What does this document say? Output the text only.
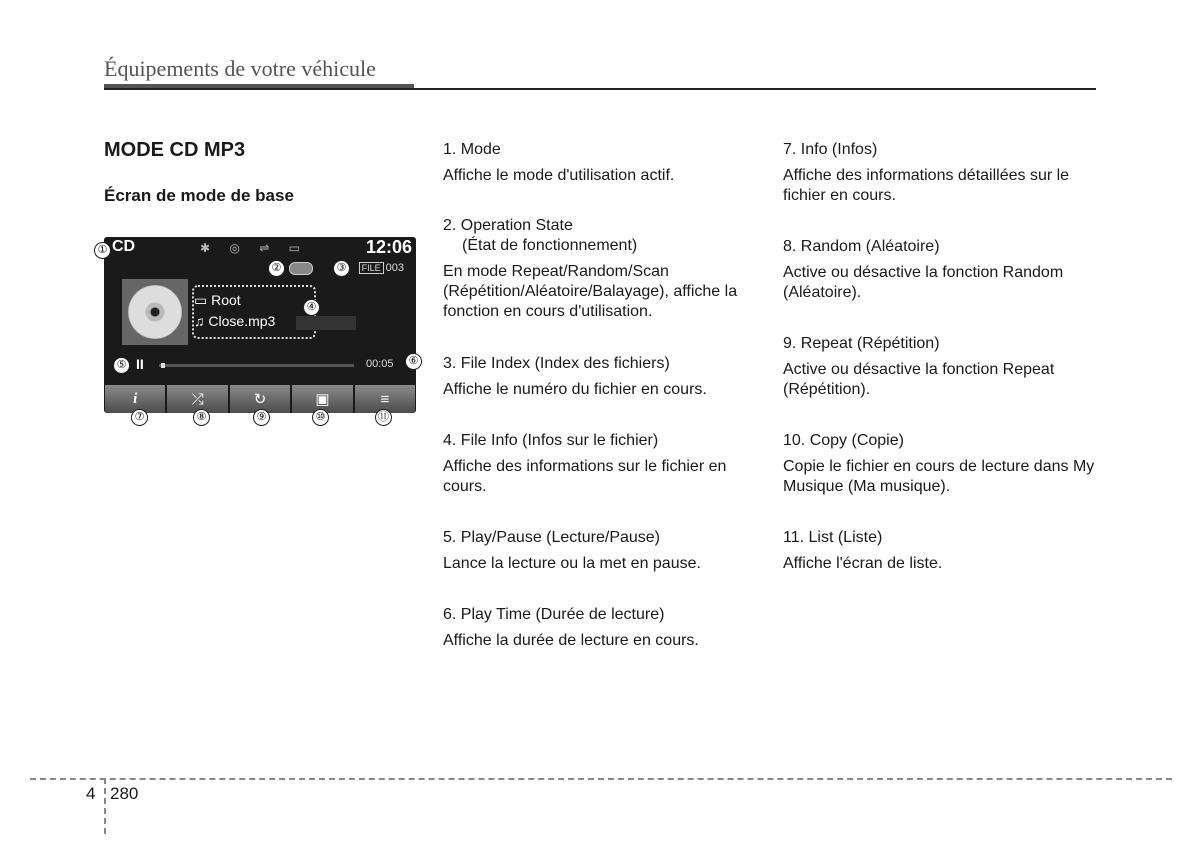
Équipements de votre véhicule
MODE CD MP3
Écran de mode de base
CD	✱ ◎ ⇌ ▭	12:06
FILE 003
▭ Root
♫ Close.mp3
II	00:05
i	⤮	↻	▣	≡
①
②	③
④
⑤	⑥
⑦	⑧	⑨	⑩	⑪
1. Mode
Affiche le mode d'utilisation actif.
2. Operation State
(État de fonctionnement)
En mode Repeat/Random/Scan (Répétition/Aléatoire/Balayage), affiche la fonction en cours d'utilisation.
3. File Index (Index des fichiers)
Affiche le numéro du fichier en cours.
4. File Info (Infos sur le fichier)
Affiche des informations sur le fichier en cours.
5. Play/Pause (Lecture/Pause)
Lance la lecture ou la met en pause.
6. Play Time (Durée de lecture)
Affiche la durée de lecture en cours.
7. Info (Infos)
Affiche des informations détaillées sur le fichier en cours.
8. Random (Aléatoire)
Active ou désactive la fonction Random (Aléatoire).
9. Repeat (Répétition)
Active ou désactive la fonction Repeat (Répétition).
10. Copy (Copie)
Copie le fichier en cours de lecture dans My Musique (Ma musique).
11. List (Liste)
Affiche l'écran de liste.
4 280
